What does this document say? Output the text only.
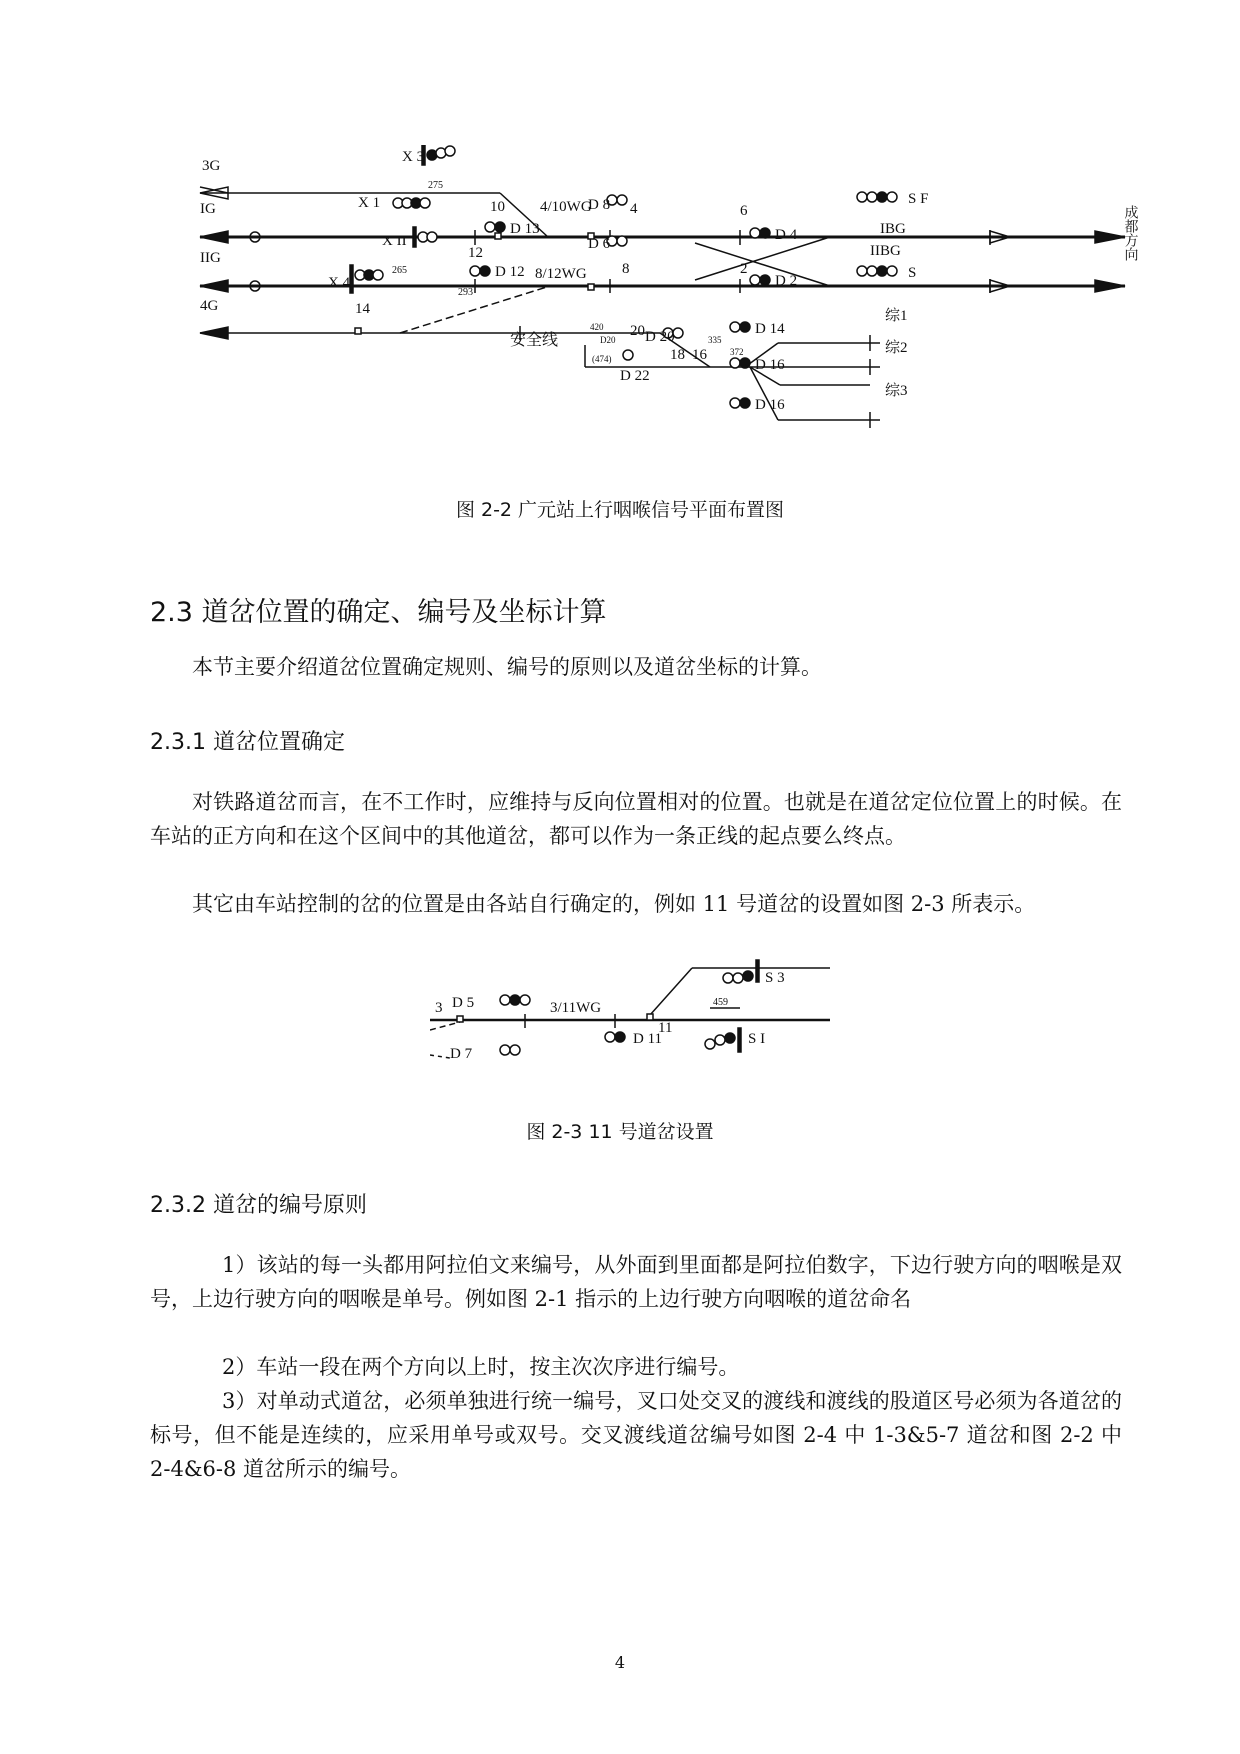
3G
IG
IIG
4G
X 3
X 1
X II
X 4
275
265
293
10 4/10WG
D 8 4	6
D 13
D 6
D 4
12
D 12 8/12WG 8	2
D 2
14
S F
S
IBG
IIBG	成都方向
安全线
420
(474)
D20
20 D 20
18 16
335
372
D 22
D 14
D 16
D 16
综1
综2
综3
图 2-2 广元站上行咽喉信号平面布置图
2.3 道岔位置的确定、编号及坐标计算
本节主要介绍道岔位置确定规则、编号的原则以及道岔坐标的计算。
2.3.1 道岔位置确定
对铁路道岔而言，在不工作时，应维持与反向位置相对的位置。也就是在道岔定位位置上的时候。在车站的正方向和在这个区间中的其他道岔，都可以作为一条正线的起点要么终点。
其它由车站控制的岔的位置是由各站自行确定的，例如 11 号道岔的设置如图 2-3 所表示。
3 D 5	3/11WG
D 7
D 11
11
459
S 3
S I
图 2-3 11 号道岔设置
2.3.2 道岔的编号原则
1）该站的每一头都用阿拉伯文来编号，从外面到里面都是阿拉伯数字，下边行驶方向的咽喉是双号，上边行驶方向的咽喉是单号。例如图 2-1 指示的上边行驶方向咽喉的道岔命名
2）车站一段在两个方向以上时，按主次次序进行编号。
3）对单动式道岔，必须单独进行统一编号，叉口处交叉的渡线和渡线的股道区号必须为各道岔的标号，但不能是连续的，应采用单号或双号。交叉渡线道岔编号如图 2-4 中 1-3&5-7 道岔和图 2-2 中 2-4&6-8 道岔所示的编号。
4
